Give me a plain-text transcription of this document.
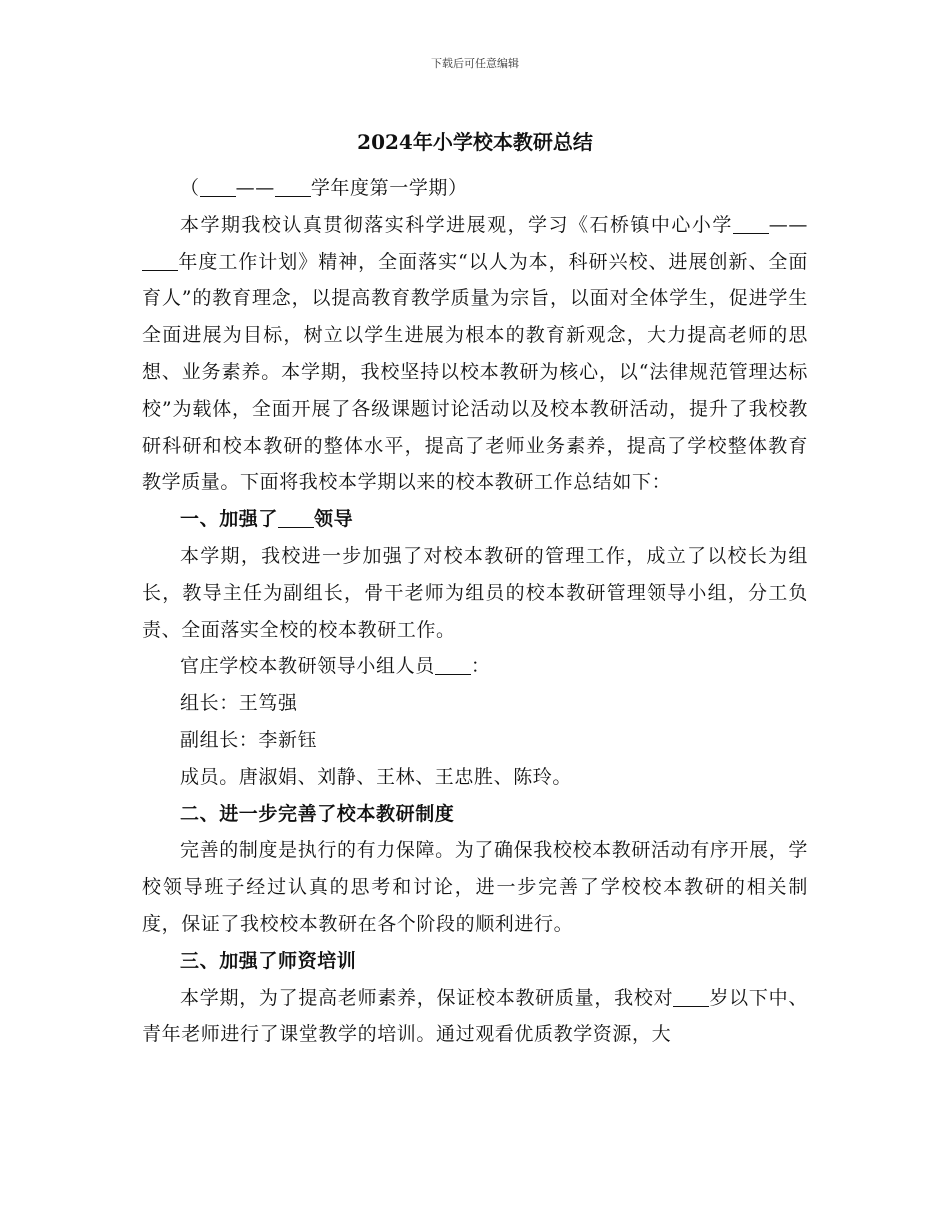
下载后可任意编辑
2024年小学校本教研总结

（ —— 学年度第一学期）

本学期我校认真贯彻落实科学进展观，学习《石桥镇中心小学 ——年度工作计划》精神，全面落实“以人为本，科研兴校、进展创新、全面育人”的教育理念，以提高教育教学质量为宗旨，以面对全体学生，促进学生全面进展为目标，树立以学生进展为根本的教育新观念，大力提高老师的思想、业务素养。本学期，我校坚持以校本教研为核心，以“法律规范管理达标校”为载体，全面开展了各级课题讨论活动以及校本教研活动，提升了我校教研科研和校本教研的整体水平，提高了老师业务素养，提高了学校整体教育教学质量。下面将我校本学期以来的校本教研工作总结如下：

一、加强了 领导

本学期，我校进一步加强了对校本教研的管理工作，成立了以校长为组长，教导主任为副组长，骨干老师为组员的校本教研管理领导小组，分工负责、全面落实全校的校本教研工作。

官庄学校本教研领导小组人员 ：

组长：王笃强

副组长：李新钰

成员。唐淑娟、刘静、王林、王忠胜、陈玲。

二、进一步完善了校本教研制度

完善的制度是执行的有力保障。为了确保我校校本教研活动有序开展，学校领导班子经过认真的思考和讨论，进一步完善了学校校本教研的相关制度，保证了我校校本教研在各个阶段的顺利进行。

三、加强了师资培训

本学期，为了提高老师素养，保证校本教研质量，我校对 岁以下中、青年老师进行了课堂教学的培训。通过观看优质教学资源，大
